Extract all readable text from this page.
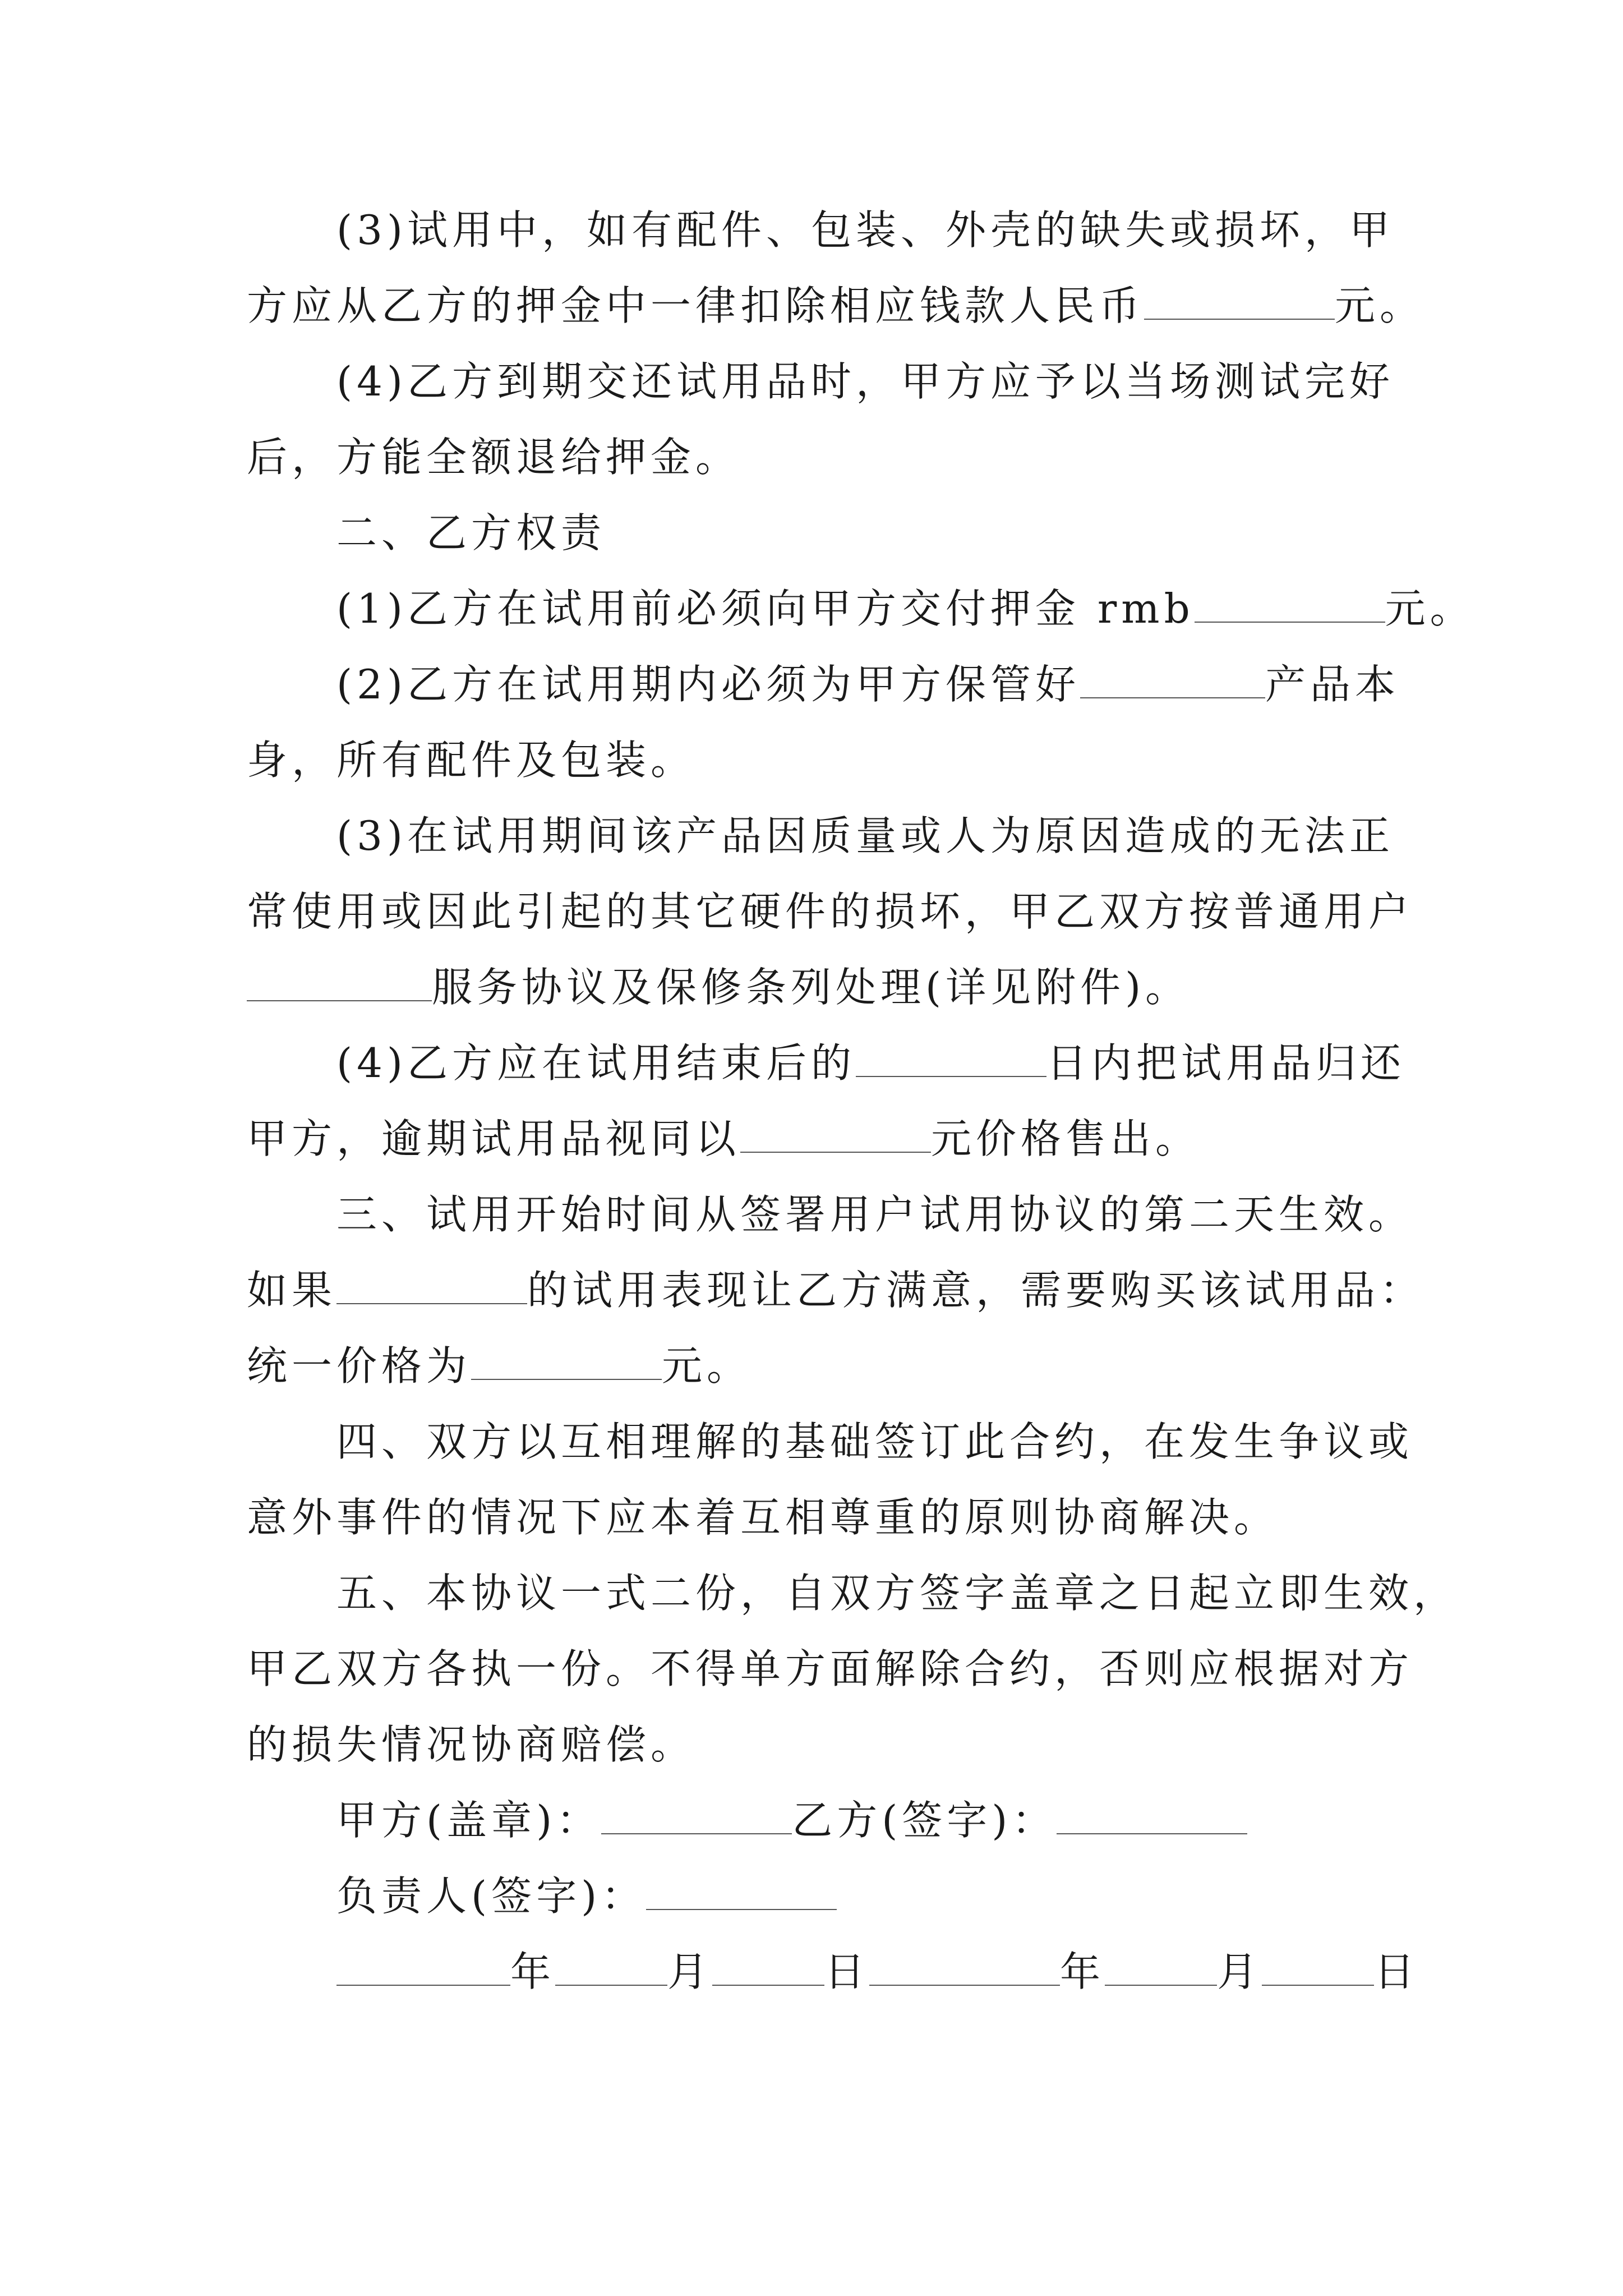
(3)试用中，如有配件、包装、外壳的缺失或损坏，甲
方应从乙方的押金中一律扣除相应钱款人民币	元。
(4)乙方到期交还试用品时，甲方应予以当场测试完好
后，方能全额退给押金。
二、乙方权责
(1)乙方在试用前必须向甲方交付押金 rmb	元。
(2)乙方在试用期内必须为甲方保管好	产品本
身，所有配件及包装。
(3)在试用期间该产品因质量或人为原因造成的无法正
常使用或因此引起的其它硬件的损坏，甲乙双方按普通用户
服务协议及保修条列处理(详见附件)。
(4)乙方应在试用结束后的	日内把试用品归还
甲方，逾期试用品视同以	元价格售出。
三、试用开始时间从签署用户试用协议的第二天生效。
如果	的试用表现让乙方满意，需要购买该试用品：
统一价格为	元。
四、双方以互相理解的基础签订此合约，在发生争议或
意外事件的情况下应本着互相尊重的原则协商解决。
五、本协议一式二份，自双方签字盖章之日起立即生效，
甲乙双方各执一份。不得单方面解除合约，否则应根据对方
的损失情况协商赔偿。
甲方(盖章)：	乙方(签字)：
负责人(签字)：
年	月	日	年	月	日
